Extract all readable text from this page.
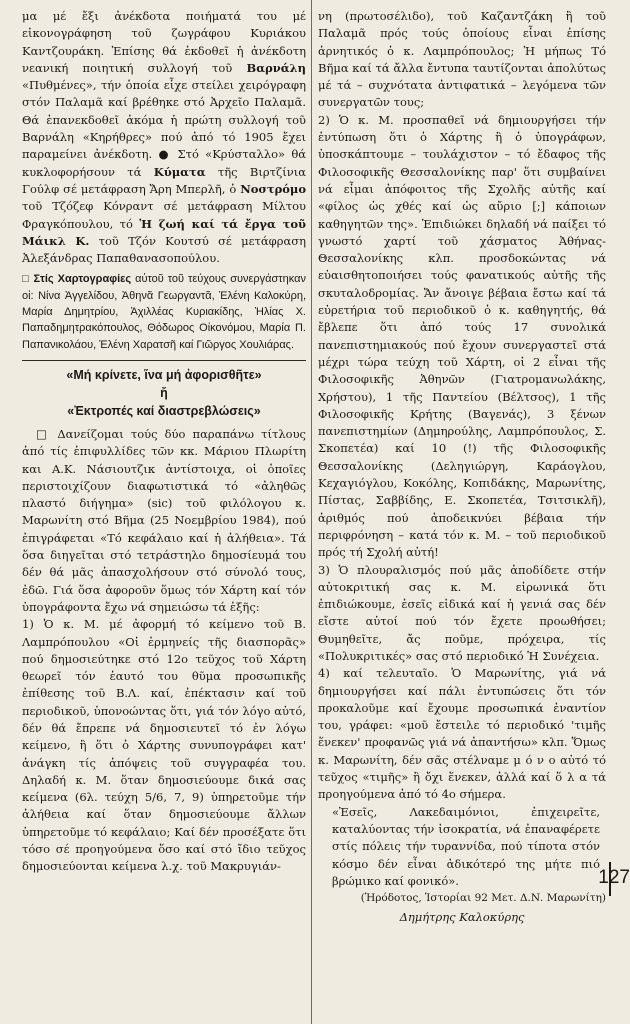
μα μέ ἔξι ἀνέκδοτα ποιήματά του μέ εἰκονογράφηση τοῦ ζωγράφου Κυριάκου Καντζουράκη. Ἐπίσης θά ἐκδοθεῖ ἡ ἀνέκδοτη νεανική ποιητική συλλογή τοῦ Βαρνάλη «Πυθμένες», τήν ὁποία εἶχε στείλει χειρόγραφη στόν Παλαμᾶ καί βρέθηκε στό Ἀρχεῖο Παλαμᾶ. Θά ἐπανεκδοθεῖ ἀκόμα ἡ πρώτη συλλογή τοῦ Βαρνάλη «Κηρήθρες» πού ἀπό τό 1905 ἔχει παραμείνει ἀνέκδοτη. ● Στό «Κρύσταλλο» θά κυκλοφορήσουν τά Κύματα τῆς Βιρτζίνια Γούλφ σέ μετάφραση Ἄρη Μπερλῆ, ὁ Νοστρόμο τοῦ Τζόζεφ Κόνραντ σέ μετάφραση Μίλτου Φραγκόπουλου, τό Ἡ ζωή καί τά ἔργα τοῦ Μάικλ Κ. τοῦ Τζόν Κουτσύ σέ μετάφραση Ἀλεξάνδρας Παπαθανασοπούλου.

□ Στίς Χαρτογραφίες αὐτοῦ τοῦ τεύχους συνεργάστηκαν οἱ: Νίνα Ἀγγελίδου, Ἀθηνᾶ Γεωργαντᾶ, Ἑλένη Καλοκύρη, Μαρία Δημητρίου, Ἀχιλλέας Κυριακίδης, Ἠλίας Χ. Παπαδημητρακόπουλος, Θόδωρος Οἰκονόμου, Μαρία Π. Παπανικολάου, Ἑλένη Χαρατσῆ καί Γιῶργος Χουλιάρας.

«Μή κρίνετε, ἵνα μή ἀφορισθῆτε»
ἤ
«Ἐκτροπές καί διαστρεβλώσεις»

□ Δανείζομαι τούς δύο παραπάνω τίτλους ἀπό τίς ἐπιφυλλίδες τῶν κκ. Μάριου Πλωρίτη και Α.Κ. Νάσιουτζικ ἀντίστοιχα, οἱ ὁποῖες περιστοιχίζουν διαφωτιστικά τό «ἀληθῶς πλαστό διήγημα» (sic) τοῦ φιλόλογου κ. Μαρωνίτη στό Βῆμα (25 Νοεμβρίου 1984), πού ἐπιγράφεται «Τό κεφάλαιο καί ἡ ἀλήθεια». Τά ὅσα διηγεῖται στό τετράστηλο δημοσίευμά του δέν θά μᾶς ἀπασχολήσουν στό σύνολό τους, ἐδῶ. Γιά ὅσα ἀφοροῦν ὅμως τόν Χάρτη καί τόν ὑπογράφοντα ἔχω νά σημειώσω τά ἑξῆς:

1) Ὁ κ. Μ. μέ ἀφορμή τό κείμενο τοῦ Β. Λαμπρόπουλου «Οἱ ἑρμηνείς τῆς διασπορᾶς» πού δημοσιεύτηκε στό 12ο τεῦχος τοῦ Χάρτη θεωρεῖ τόν ἑαυτό του θῦμα προσωπικῆς ἐπίθεσης τοῦ Β.Λ. καί, ἐπέκτασιν καί τοῦ περιοδικοῦ, ὑπονοώντας ὅτι, γιά τόν λόγο αὐτό, δέν θά ἔπρεπε νά δημοσιευτεῖ τό ἐν λόγω κείμενο, ἢ ὅτι ὁ Χάρτης συνυπογράφει κατ' ἀνάγκη τίς ἀπόψεις τοῦ συγγραφέα του. Δηλαδή κ. Μ. ὅταν δημοσιεύουμε δικά σας κείμενα (6λ. τεύχη 5/6, 7, 9) ὑπηρετοῦμε τήν ἀλήθεια καί ὅταν δημοσιεύουμε ἄλλων ὑπηρετοῦμε τό κεφάλαιο; Καί δέν προσέξατε ὅτι τόσο σέ προηγούμενα ὅσο καί στό ἴδιο τεῦχος δημοσιεύονται κείμενα λ.χ. τοῦ Μακρυγιάν-

νη (πρωτοσέλιδο), τοῦ Καζαντζάκη ἢ τοῦ Παλαμᾶ πρός τούς ὁποίους εἶναι ἐπίσης ἀρνητικός ὁ κ. Λαμπρόπουλος; Ἡ μήπως Τό Βῆμα καί τά ἄλλα ἔντυπα ταυτίζονται ἀπολύτως μέ τά – συχνότατα ἀντιφατικά – λεγόμενα τῶν συνεργατῶν τους;

2) Ὁ κ. Μ. προσπαθεῖ νά δημιουργήσει τήν ἐντύπωση ὅτι ὁ Χάρτης ἢ ὁ ὑπογράφων, ὑποσκάπτουμε – τουλάχιστον – τό ἔδαφος τῆς Φιλοσοφικῆς Θεσσαλονίκης παρ' ὅτι συμβαίνει νά εἶμαι ἀπόφοιτος τῆς Σχολῆς αὐτῆς καί «φίλος ὡς χθές καί ὡς αὔριο [;] κάποιων καθηγητῶν της». Ἐπιδιώκει δηλαδή νά παίξει τό γνωστό χαρτί τοῦ χάσματος Ἀθήνας-Θεσσαλονίκης κλπ. προσδοκώντας νά εὐαισθητοποιήσει τούς φανατικούς αὐτῆς τῆς σκυταλοδρομίας. Ἄν ἄνοιγε βέβαια ἔστω καί τά εὐρετήρια τοῦ περιοδικοῦ ὁ κ. καθηγητής, θά ἔβλεπε ὅτι ἀπό τούς 17 συνολικά πανεπιστημιακούς πού ἔχουν συνεργαστεῖ στά μέχρι τώρα τεύχη τοῦ Χάρτη, οἱ 2 εἶναι τῆς Φιλοσοφικῆς Ἀθηνῶν (Γιατρομανωλάκης, Χρήστου), 1 τῆς Παντείου (Βέλτσος), 1 τῆς Φιλοσοφικῆς Κρήτης (Βαγενάς), 3 ξένων πανεπιστημίων (Δημηρούλης, Λαμπρόπουλος, Σ. Σκοπετέα) καί 10 (!) τῆς Φιλοσοφικῆς Θεσσαλονίκης (Δεληγιώργη, Καράογλου, Κεχαγιόγλου, Κοκόλης, Κοπιδάκης, Μαρωνίτης, Πίστας, Σαββίδης, Ε. Σκοπετέα, Τσιτσικλῆ), ἀριθμός πού ἀποδεικνύει βέβαια τήν περιφρόνηση – κατά τόν κ. Μ. – τοῦ περιοδικοῦ πρός τή Σχολή αὐτή!

3) Ὁ πλουραλισμός πού μᾶς ἀποδίδετε στήν αὐτοκριτική σας κ. Μ. εἰρωνικά ὅτι ἐπιδιώκουμε, ἐσεῖς εἰδικά καί ἡ γενιά σας δέν εἴστε αὐτοί πού τόν ἔχετε προωθήσει; Θυμηθεῖτε, ἄς ποῦμε, πρόχειρα, τίς «Πολυκριτικές» σας στό περιοδικό Ἡ Συνέχεια.

4) καί τελευταῖο. Ὁ Μαρωνίτης, γιά νά δημιουργήσει καί πάλι ἐντυπώσεις ὅτι τόν προκαλοῦμε καί ἔχουμε προσωπικά ἐναντίον του, γράφει: «μοῦ ἔστειλε τό περιοδικό 'τιμῆς ἕνεκεν' προφανῶς γιά νά ἀπαντήσω» κλπ. Ὅμως κ. Μαρωνίτη, δέν σᾶς στέλναμε μ ό ν ο αὐτό τό τεῦχος «τιμῆς» ἢ ὄχι ἕνεκεν, ἀλλά καί ὅ λ α τά προηγούμενα ἀπό τό 4ο σήμερα.

«Ἐσεῖς, Λακεδαιμόνιοι, ἐπιχειρεῖτε, καταλύοντας τήν ἰσοκρατία, νά ἐπαναφέρετε στίς πόλεις τήν τυραννίδα, πού τίποτα στόν κόσμο δέν εἶναι ἀδικότερό της μήτε πιό βρώμικο καί φονικό».

(Ἡρόδοτος, Ἱστορίαι 92 Μετ. Δ.Ν. Μαρωνίτη)

Δημήτρης Καλοκύρης

127
